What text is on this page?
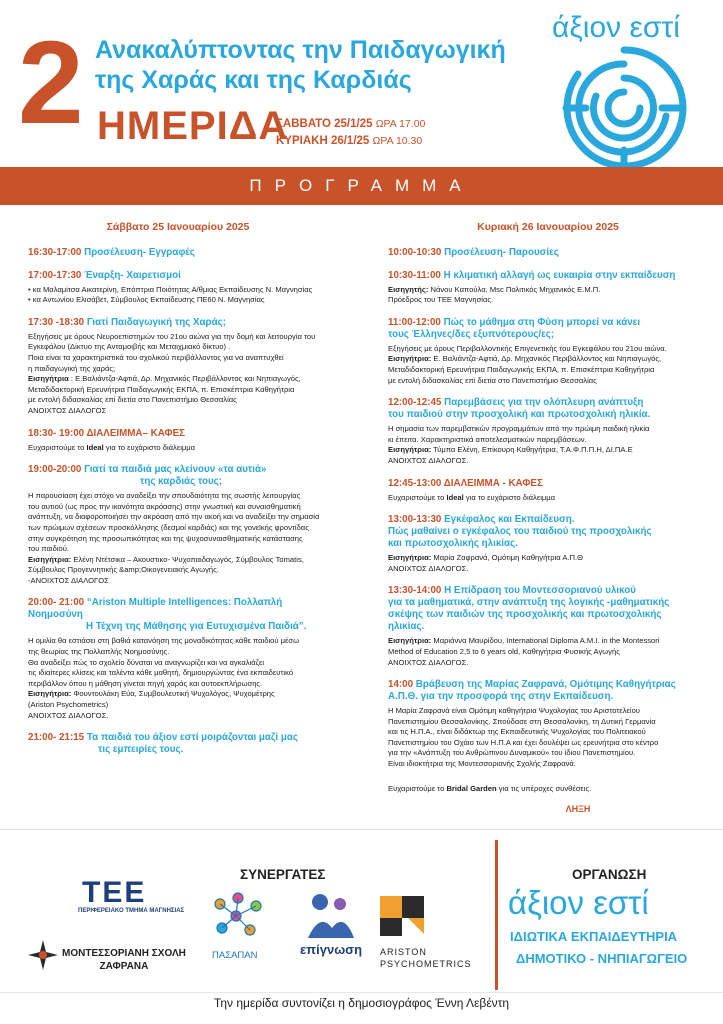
2 Ανακαλύπτοντας την Παιδαγωγική
της Χαράς και της Καρδιάς
ΗΜΕΡΙΔΑ
ΣΑΒΒΑΤΟ 25/1/25 ΩΡΑ 17.00
ΚΥΡΙΑΚΗ 26/1/25 ΩΡΑ 10.30
άξιον εστί
ΠΡΟΓΡΑΜΜΑ
Σάββατο 25 Ιανουαρίου 2025
16:30-17:00 Προσέλευση- Εγγραφές
17:00-17:30 Έναρξη- Χαιρετισμοί

• κα Μαλαμίτσα Αικατερίνη, Επόπτρια Ποιότητας Α/θμιας Εκπαίδευσης Ν. Μαγνησίας

• κα Αντωνίου Ελισάβετ, Σύμβουλος Εκπαίδευσης ΠΕ60 Ν. Μαγνησίας

17:30 -18:30 Γιατί Παιδαγωγική της Χαράς;

Εξηγήσεις με όρους Νευροεπιστημών του 21ου αιώνα για την δομή και λειτουργία του

Εγκεφάλου (Δίκτυο της Ανταμοιβής και Μεταιχμιακό δίκτυο) .

Ποια είναι τα χαρακτηριστικά του σχολικού περιβάλλοντος για να αναπτυχθεί

η παιδαγωγική της χαράς;

Εισηγήτρια : Ε.Βαλιάντζα-Αφτιά, Δρ. Μηχανικός Περιβάλλοντος και Νηπιαγωγός,

Μεταδιδακτορική Ερευνήτρια Παιδαγωγικής ΕΚΠΑ, π. Επισκέπτρια Καθηγήτρια

με εντολή διδασκαλίας επί διετία στο Πανεπιστήμιο Θεσσαλίας

ΑΝΟΙΧΤΟΣ ΔΙΑΛΟΓΟΣ

18:30- 19:00 ΔΙΑΛΕΙΜΜΑ– ΚΑΦΕΣ

Ευχαριστούμε το Ideal για το ευχάριστο διάλειμμα

19:00-20:00 Γιατί τα παιδιά μας κλείνουν «τα αυτιά»
της καρδιάς τους;

Η παρουσίαση έχει στόχο να αναδείξει την σπουδαιότητα της σωστής λειτουργίας

του αυτιού (ως προς την ικανότητα ακρόασης) στην γνωστική και συναισθηματική

ανάπτυξη, να διαφοροποιήσει την ακρόαση από την ακοή και να αναδείξει την σημασία

των πρώιμων σχέσεων προσκόλλησης (δεσμοί καρδιάς) και της γονεϊκής φροντίδας

στην συγκρότηση της προσωπικότητας και της ψυχοσυναισθηματικής κατάστασης

του παιδιού.

Εισηγήτρια: Ελένη Ντέτσικα – Ακουστικο- Ψυχοπαιδαγωγός, Σύμβουλος Tomatis,

Σύμβουλος Προγεννητικής &amp;Οικογενειακής Αγωγής.

-ΑΝΟΙΧΤΟΣ ΔΙΑΛΟΓΟΣ

20:00- 21:00 “Ariston Multiple Intelligences: Πολλαπλή Νοημοσύνη
Η Τέχνη της Μάθησης για Ευτυχισμένα Παιδιά”.

Η ομιλία θα εστιάσει στη βαθιά κατανόηση της μοναδικότητας κάθε παιδιού μέσω

της θεωρίας της Πολλαπλής Νοημοσύνης.

Θα αναδείξει πώς το σχολείο δύναται να αναγνωρίζει και να αγκαλιάζει

τις ιδιαίτερες κλίσεις και ταλέντα κάθε μαθητή, δημιουργώντας ένα εκπαιδευτικό

περιβάλλον όπου η μάθηση γίνεται πηγή χαράς και αυτοεκπλήρωσης.

Εισηγήτρια: Φουντουλάκη Εύα, Συμβουλευτική Ψυχολόγος, Ψυχομέτρης

(Ariston Psychometrics)

ΑΝΟΙΧΤΟΣ ΔΙΑΛΟΓΟΣ.

21:00- 21:15 Τα παιδιά του άξιον εστί μοιράζονται μαζί μας
τις εμπειρίες τους.
Κυριακή 26 Ιανουαρίου 2025
10:00-10:30 Προσέλευση- Παρουσίες
10:30-11:00 Η κλιματική αλλαγή ως ευκαιρία στην εκπαίδευση

Εισηγητής: Νάνου Καπούλα, Msc Πολιτικός Μηχανικός Ε.Μ.Π.

Πρόεδρος του ΤΕΕ Μαγνησίας.

11:00-12:00 Πώς το μάθημα στη Φύση μπορεί να κάνει
τους Έλληνες/δες εξυπνότερους/ες;

Εξηγήσεις με όρους Περιβαλλοντικής Επιγενετικής του Εγκεφάλου του 21ου αιώνα.

Εισηγήτρια: Ε. Βαλιάντζα-Αφτιά, Δρ. Μηχανικός Περιβάλλοντος και Νηπιαγωγός,

Μεταδιδακτορική Ερευνήτρια Παιδαγωγικής ΕΚΠΑ, π. Επισκέπτρια Καθηγήτρια

με εντολή διδασκαλίας επί διετία στο Πανεπιστήμιο Θεσσαλίας

12:00-12:45 Παρεμβάσεις για την ολόπλευρη ανάπτυξη
του παιδιού στην προσχολική και πρωτοσχολική ηλικία.

Η σημασία των παρεμβατικών προγραμμάτων από την πρώιμη παιδική ηλικία

κι έπειτα. Χαρακτηριστικά αποτελεσματικών παρεμβάσεων.

Εισηγήτρια: Τύμπα Ελένη, Επίκουρη Καθηγήτρια, Τ.Α.Φ.Π.Π.Η, ΔΙ.ΠΑ.Ε

ΑΝΟΙΧΤΟΣ ΔΙΑΛΟΓΟΣ.

12:45-13:00 ΔΙΑΛΕΙΜΜΑ - ΚΑΦΕΣ

Ευχαριστούμε το Ideal για το ευχάριστο διάλειμμα

13:00-13:30 Εγκέφαλος και Εκπαίδευση.
Πώς μαθαίνει ο εγκέφαλος του παιδιού της προσχολικής
και πρωτοσχολικής ηλικίας.

Εισηγήτρια: Μαρία Ζαφρανά, Ομότιμη Καθηγήτρια Α.Π.Θ

ΑΝΟΙΧΤΟΣ ΔΙΑΛΟΓΟΣ.

13:30-14:00 Η Επίδραση του Μοντεσσοριανού υλικού
για τα μαθηματικά, στην ανάπτυξη της λογικής -μαθηματικής
σκέψης των παιδιών της προσχολικής και πρωτοσχολικής
ηλικίας.

Εισηγήτρια: Μαριάννα Μαυρίδου, International Diploma A.M.I. in the Montessori

Method of Education 2,5 to 6 years old, Καθηγήτρια Φυσικής Αγωγής

ΑΝΟΙΧΤΟΣ ΔΙΑΛΟΓΟΣ.

14:00 Βράβευση της Μαρίας Ζαφρανά, Ομότιμης Καθηγήτριας
Α.Π.Θ. για την προσφορά της στην Εκπαίδευση.

Η Μαρία Ζαφρανά είναι Ομότιμη καθηγήτρια Ψυχολογίας του Αριστοτελείου

Πανεπιστημίου Θεσσαλονίκης. Σπούδασε στη Θεσσαλονίκη, τη Δυτική Γερμανία

και τις Η.Π.Α., είναι διδάκτωρ της Εκπαιδευτικής Ψυχολογίας του Πολιτειακού

Πανεπιστημίου του Οχάιο των Η.Π.Α και έχει δουλέψει ως ερευνήτρια στο κέντρο

για την «Ανάπτυξη του Ανθρώπινου Δυναμικού» του ίδιου Πανεπιστημίου.

Είναι ιδιοκτήτρια της Μοντεσσοριανής Σχολής Ζαφρανά.

Ευχαριστούμε το Bridal Garden για τις υπέροχες συνθέσεις.

ΛΗΞΗ
ΣΥΝΕΡΓΑΤΕΣ
ΤΕΕ
ΠΕΡΙΦΕΡΕΙΑΚΟ ΤΜΗΜΑ ΜΑΓΝΗΣΙΑΣ
ΜΟΝΤΕΣΣΟΡΙΑΝΗ ΣΧΟΛΗ
ΖΑΦΡΑΝΑ
ΠΑΣΑΠΑΝ	επίγνωση ARISTON
PSYCHOMETRICS
ΟΡΓΑΝΩΣΗ
άξιον εστί
ΙΔΙΩΤΙΚΑ ΕΚΠΑΙΔΕΥΤΗΡΙΑ
ΔΗΜΟΤΙΚΟ - ΝΗΠΙΑΓΩΓΕΙΟ
Την ημερίδα συντονίζει η δημοσιογράφος Έννη Λεβέντη
